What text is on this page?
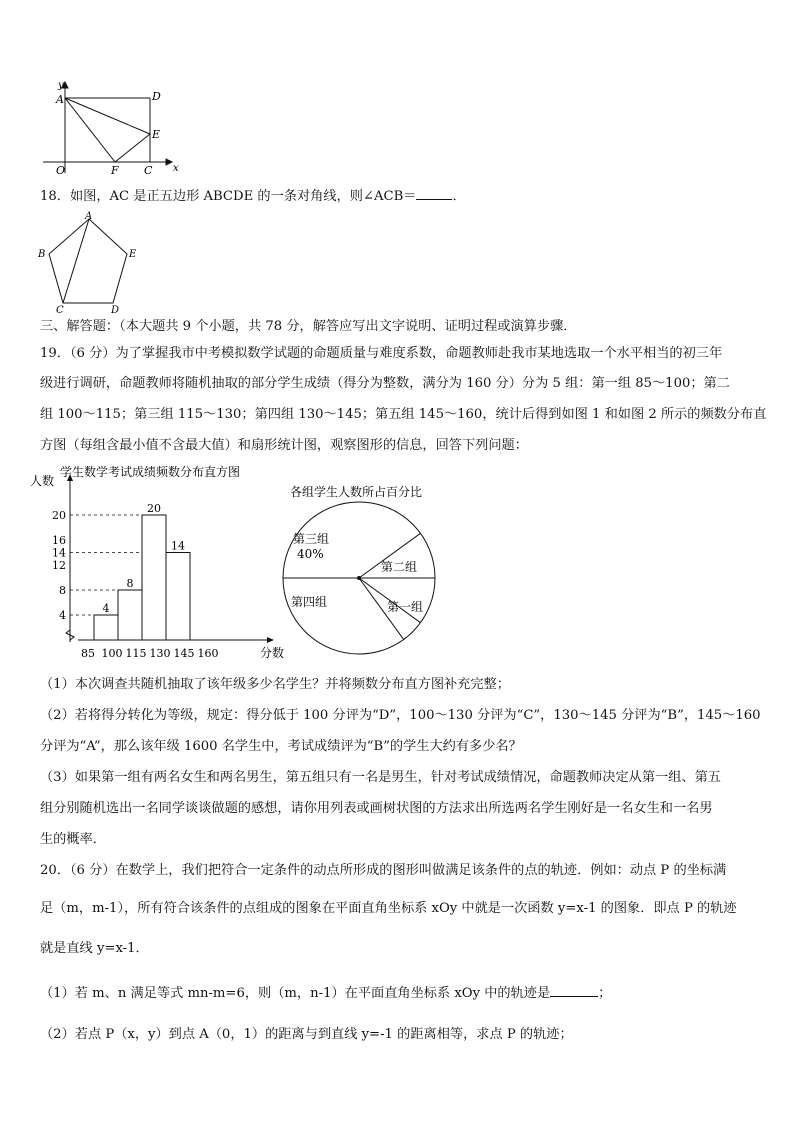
y
x
A	D
E
O	F C
18．如图，AC 是正五边形 ABCDE 的一条对角线，则∠ACB＝	．
A
B
C	D
E
三、解答题：（本大题共 9 个小题，共 78 分，解答应写出文字说明、证明过程或演算步骤．
19．（6 分）为了掌握我市中考模拟数学试题的命题质量与难度系数，命题教师赴我市某地选取一个水平相当的初三年
级进行调研，命题教师将随机抽取的部分学生成绩（得分为整数，满分为 160 分）分为 5 组：第一组 85～100；第二
组 100～115；第三组 115～130；第四组 130～145；第五组 145～160，统计后得到如图 1 和如图 2 所示的频数分布直
方图（每组含最小值不含最大值）和扇形统计图，观察图形的信息，回答下列问题：
人数
学生数学考试成绩频数分布直方图
分数
4
8
12
14
16
20
4
8
20
14
85 100 115 130 145 160
各组学生人数所占百分比
第三组
40%
第二组
第一组
第四组
（1）本次调查共随机抽取了该年级多少名学生？并将频数分布直方图补充完整；
（2）若将得分转化为等级，规定：得分低于 100 分评为“D”，100～130 分评为“C”，130～145 分评为“B”，145～160
分评为“A”，那么该年级 1600 名学生中，考试成绩评为“B”的学生大约有多少名？
（3）如果第一组有两名女生和两名男生，第五组只有一名是男生，针对考试成绩情况，命题教师决定从第一组、第五
组分别随机选出一名同学谈谈做题的感想，请你用列表或画树状图的方法求出所选两名学生刚好是一名女生和一名男
生的概率．
20．（6 分）在数学上，我们把符合一定条件的动点所形成的图形叫做满足该条件的点的轨迹．例如：动点 P 的坐标满
足（m，m-1），所有符合该条件的点组成的图象在平面直角坐标系 xOy 中就是一次函数 y=x-1 的图象．即点 P 的轨迹
就是直线 y=x-1．
（1）若 m、n 满足等式 mn-m=6，则（m，n-1）在平面直角坐标系 xOy 中的轨迹是	；
（2）若点 P（x，y）到点 A（0，1）的距离与到直线 y=-1 的距离相等，求点 P 的轨迹；
